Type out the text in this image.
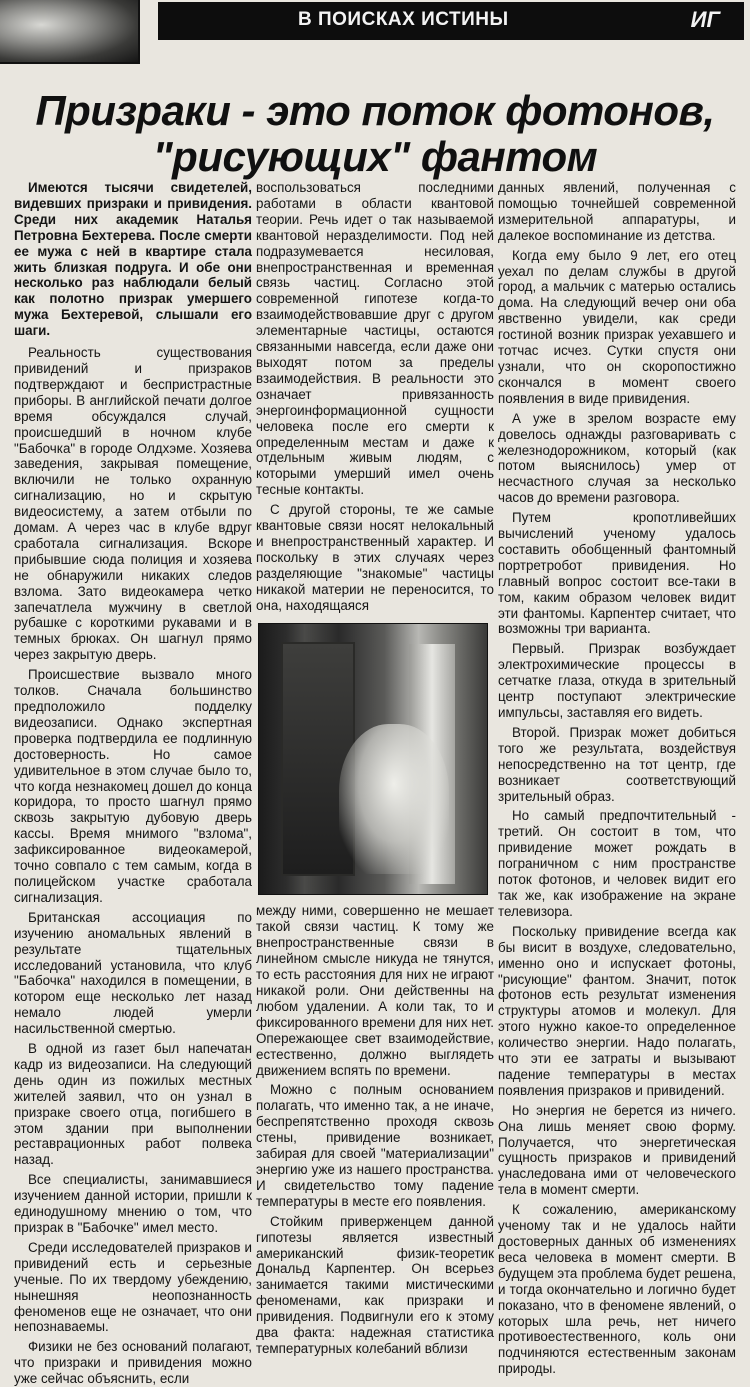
В ПОИСКАХ ИСТИНЫ	ИГ
Призраки - это поток фотонов, "рисующих" фантом

Имеются тысячи свидетелей, видевших призраки и привидения. Среди них академик Наталья Петровна Бехтерева. После смерти ее мужа с ней в квартире стала жить близкая подруга. И обе они несколько раз наблюдали белый как полотно призрак умершего мужа Бехтеревой, слышали его шаги.

Реальность существования привидений и призраков подтверждают и беспристрастные приборы. В английской печати долгое время обсуждался случай, происшедший в ночном клубе "Бабочка" в городе Олдхэме. Хозяева заведения, закрывая помещение, включили не только охранную сигнализацию, но и скрытую видеосистему, а затем отбыли по домам. А через час в клубе вдруг сработала сигнализация. Вскоре прибывшие сюда полиция и хозяева не обнаружили никаких следов взлома. Зато видеокамера четко запечатлела мужчину в светлой рубашке с короткими рукавами и в темных брюках. Он шагнул прямо через закрытую дверь.

Происшествие вызвало много толков. Сначала большинство предположило подделку видеозаписи. Однако экспертная проверка подтвердила ее подлинную достоверность. Но самое удивительное в этом случае было то, что когда незнакомец дошел до конца коридора, то просто шагнул прямо сквозь закрытую дубовую дверь кассы. Время мнимого "взлома", зафиксированное видеокамерой, точно совпало с тем самым, когда в полицейском участке сработала сигнализация.

Британская ассоциация по изучению аномальных явлений в результате тщательных исследований установила, что клуб "Бабочка" находился в помещении, в котором еще несколько лет назад немало людей умерли насильственной смертью.

В одной из газет был напечатан кадр из видеозаписи. На следующий день один из пожилых местных жителей заявил, что он узнал в призраке своего отца, погибшего в этом здании при выполнении реставрационных работ полвека назад.

Все специалисты, занимавшиеся изучением данной истории, пришли к единодушному мнению о том, что призрак в "Бабочке" имел место.

Среди исследователей призраков и привидений есть и серьезные ученые. По их твердому убеждению, нынешняя неопознанность феноменов еще не означает, что они непознаваемы.

Физики не без оснований полагают, что призраки и привидения можно уже сейчас объяснить, если

воспользоваться последними работами в области квантовой теории. Речь идет о так называемой квантовой неразделимости. Под ней подразумевается несиловая, внепространственная и временная связь частиц. Согласно этой современной гипотезе когда-то взаимодействовавшие друг с другом элементарные частицы, остаются связанными навсегда, если даже они выходят потом за пределы взаимодействия. В реальности это означает привязанность энергоинформационной сущности человека после его смерти к определенным местам и даже к отдельным живым людям, с которыми умерший имел очень тесные контакты.

С другой стороны, те же самые квантовые связи носят нелокальный и внепространственный характер. И поскольку в этих случаях через разделяющие "знакомые" частицы никакой материи не переносится, то она, находящаяся

между ними, совершенно не мешает такой связи частиц. К тому же внепространственные связи в линейном смысле никуда не тянутся, то есть расстояния для них не играют никакой роли. Они действенны на любом удалении. А коли так, то и фиксированного времени для них нет. Опережающее свет взаимодействие, естественно, должно выглядеть движением вспять по времени.

Можно с полным основанием полагать, что именно так, а не иначе, беспрепятственно проходя сквозь стены, привидение возникает, забирая для своей "материализации" энергию уже из нашего пространства. И свидетельство тому падение температуры в месте его появления.

Стойким приверженцем данной гипотезы является известный американский физик-теоретик Дональд Карпентер. Он всерьез занимается такими мистическими феноменами, как призраки и привидения. Подвигнули его к этому два факта: надежная статистика температурных колебаний вблизи

данных явлений, полученная с помощью точнейшей современной измерительной аппаратуры, и далекое воспоминание из детства.

Когда ему было 9 лет, его отец уехал по делам службы в другой город, а мальчик с матерью остались дома. На следующий вечер они оба явственно увидели, как среди гостиной возник призрак уехавшего и тотчас исчез. Сутки спустя они узнали, что он скоропостижно скончался в момент своего появления в виде привидения.

А уже в зрелом возрасте ему довелось однажды разговаривать с железнодорожником, который (как потом выяснилось) умер от несчастного случая за несколько часов до времени разговора.

Путем кропотливейших вычислений ученому удалось составить обобщенный фантомный портретробот привидения. Но главный вопрос состоит все-таки в том, каким образом человек видит эти фантомы. Карпентер считает, что возможны три варианта.

Первый. Призрак возбуждает электрохимические процессы в сетчатке глаза, откуда в зрительный центр поступают электрические импульсы, заставляя его видеть.

Второй. Призрак может добиться того же результата, воздействуя непосредственно на тот центр, где возникает соответствующий зрительный образ.

Но самый предпочтительный - третий. Он состоит в том, что привидение может рождать в пограничном с ним пространстве поток фотонов, и человек видит его так же, как изображение на экране телевизора.

Поскольку привидение всегда как бы висит в воздухе, следовательно, именно оно и испускает фотоны, "рисующие" фантом. Значит, поток фотонов есть результат изменения структуры атомов и молекул. Для этого нужно какое-то определенное количество энергии. Надо полагать, что эти ее затраты и вызывают падение температуры в местах появления призраков и привидений.

Но энергия не берется из ничего. Она лишь меняет свою форму. Получается, что энергетическая сущность призраков и привидений унаследована ими от человеческого тела в момент смерти.

К сожалению, американскому ученому так и не удалось найти достоверных данных об изменениях веса человека в момент смерти. В будущем эта проблема будет решена, и тогда окончательно и логично будет показано, что в феномене явлений, о которых шла речь, нет ничего противоестественного, коль они подчиняются естественным законам природы.
